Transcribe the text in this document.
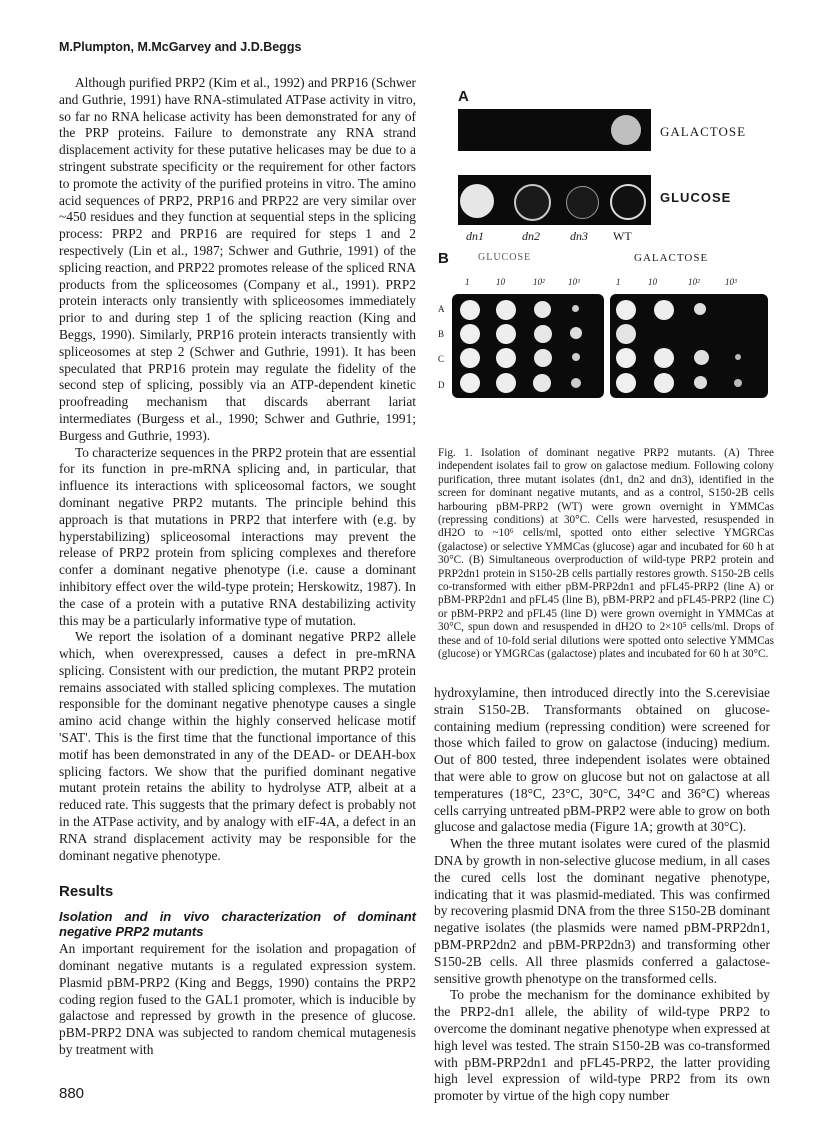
M.Plumpton, M.McGarvey and J.D.Beggs

Although purified PRP2 (Kim et al., 1992) and PRP16 (Schwer and Guthrie, 1991) have RNA-stimulated ATPase activity in vitro, so far no RNA helicase activity has been demonstrated for any of the PRP proteins. Failure to demonstrate any RNA strand displacement activity for these putative helicases may be due to a stringent substrate specificity or the requirement for other factors to promote the activity of the purified proteins in vitro. The amino acid sequences of PRP2, PRP16 and PRP22 are very similar over ~450 residues and they function at sequential steps in the splicing process: PRP2 and PRP16 are required for steps 1 and 2 respectively (Lin et al., 1987; Schwer and Guthrie, 1991) of the splicing reaction, and PRP22 promotes release of the spliced RNA products from the spliceosomes (Company et al., 1991). PRP2 protein interacts only transiently with spliceosomes immediately prior to and during step 1 of the splicing reaction (King and Beggs, 1990). Similarly, PRP16 protein interacts transiently with spliceosomes at step 2 (Schwer and Guthrie, 1991). It has been speculated that PRP16 protein may regulate the fidelity of the second step of splicing, possibly via an ATP-dependent kinetic proofreading mechanism that discards aberrant lariat intermediates (Burgess et al., 1990; Schwer and Guthrie, 1991; Burgess and Guthrie, 1993).

To characterize sequences in the PRP2 protein that are essential for its function in pre-mRNA splicing and, in particular, that influence its interactions with spliceosomal factors, we sought dominant negative PRP2 mutants. The principle behind this approach is that mutations in PRP2 that interfere with (e.g. by hyperstabilizing) spliceosomal interactions may prevent the release of PRP2 protein from splicing complexes and therefore confer a dominant negative phenotype (i.e. cause a dominant inhibitory effect over the wild-type protein; Herskowitz, 1987). In the case of a protein with a putative RNA destabilizing activity this may be a particularly informative type of mutation.

We report the isolation of a dominant negative PRP2 allele which, when overexpressed, causes a defect in pre-mRNA splicing. Consistent with our prediction, the mutant PRP2 protein remains associated with stalled splicing complexes. The mutation responsible for the dominant negative phenotype causes a single amino acid change within the highly conserved helicase motif 'SAT'. This is the first time that the functional importance of this motif has been demonstrated in any of the DEAD- or DEAH-box splicing factors. We show that the purified dominant negative mutant protein retains the ability to hydrolyse ATP, albeit at a reduced rate. This suggests that the primary defect is probably not in the ATPase activity, and by analogy with eIF-4A, a defect in an RNA strand displacement activity may be responsible for the dominant negative phenotype.

Results
Isolation and in vivo characterization of dominant negative PRP2 mutants

An important requirement for the isolation and propagation of dominant negative mutants is a regulated expression system. Plasmid pBM-PRP2 (King and Beggs, 1990) contains the PRP2 coding region fused to the GAL1 promoter, which is inducible by galactose and repressed by growth in the presence of glucose. pBM-PRP2 DNA was subjected to random chemical mutagenesis by treatment with

A
GALACTOSE
GLUCOSE
dn1	dn2	dn3 WT
B	GLUCOSE	GALACTOSE
1	10	10²	10³	1	10	10²	10³
A
B
C
D
Fig. 1. Isolation of dominant negative PRP2 mutants. (A) Three independent isolates fail to grow on galactose medium. Following colony purification, three mutant isolates (dn1, dn2 and dn3), identified in the screen for dominant negative mutants, and as a control, S150-2B cells harbouring pBM-PRP2 (WT) were grown overnight in YMMCas (repressing conditions) at 30°C. Cells were harvested, resuspended in dH2O to ~10⁶ cells/ml, spotted onto either selective YMGRCas (galactose) or selective YMMCas (glucose) agar and incubated for 60 h at 30°C. (B) Simultaneous overproduction of wild-type PRP2 protein and PRP2dn1 protein in S150-2B cells partially restores growth. S150-2B cells co-transformed with either pBM-PRP2dn1 and pFL45-PRP2 (line A) or pBM-PRP2dn1 and pFL45 (line B), pBM-PRP2 and pFL45-PRP2 (line C) or pBM-PRP2 and pFL45 (line D) were grown overnight in YMMCas at 30°C, spun down and resuspended in dH2O to 2×10⁵ cells/ml. Drops of these and of 10-fold serial dilutions were spotted onto selective YMMCas (glucose) or YMGRCas (galactose) plates and incubated for 60 h at 30°C.

hydroxylamine, then introduced directly into the S.cerevisiae strain S150-2B. Transformants obtained on glucose-containing medium (repressing condition) were screened for those which failed to grow on galactose (inducing) medium. Out of 800 tested, three independent isolates were obtained that were able to grow on glucose but not on galactose at all temperatures (18°C, 23°C, 30°C, 34°C and 36°C) whereas cells carrying untreated pBM-PRP2 were able to grow on both glucose and galactose media (Figure 1A; growth at 30°C).

When the three mutant isolates were cured of the plasmid DNA by growth in non-selective glucose medium, in all cases the cured cells lost the dominant negative phenotype, indicating that it was plasmid-mediated. This was confirmed by recovering plasmid DNA from the three S150-2B dominant negative isolates (the plasmids were named pBM-PRP2dn1, pBM-PRP2dn2 and pBM-PRP2dn3) and transforming other S150-2B cells. All three plasmids conferred a galactose-sensitive growth phenotype on the transformed cells.

To probe the mechanism for the dominance exhibited by the PRP2-dn1 allele, the ability of wild-type PRP2 to overcome the dominant negative phenotype when expressed at high level was tested. The strain S150-2B was co-transformed with pBM-PRP2dn1 and pFL45-PRP2, the latter providing high level expression of wild-type PRP2 from its own promoter by virtue of the high copy number

880
